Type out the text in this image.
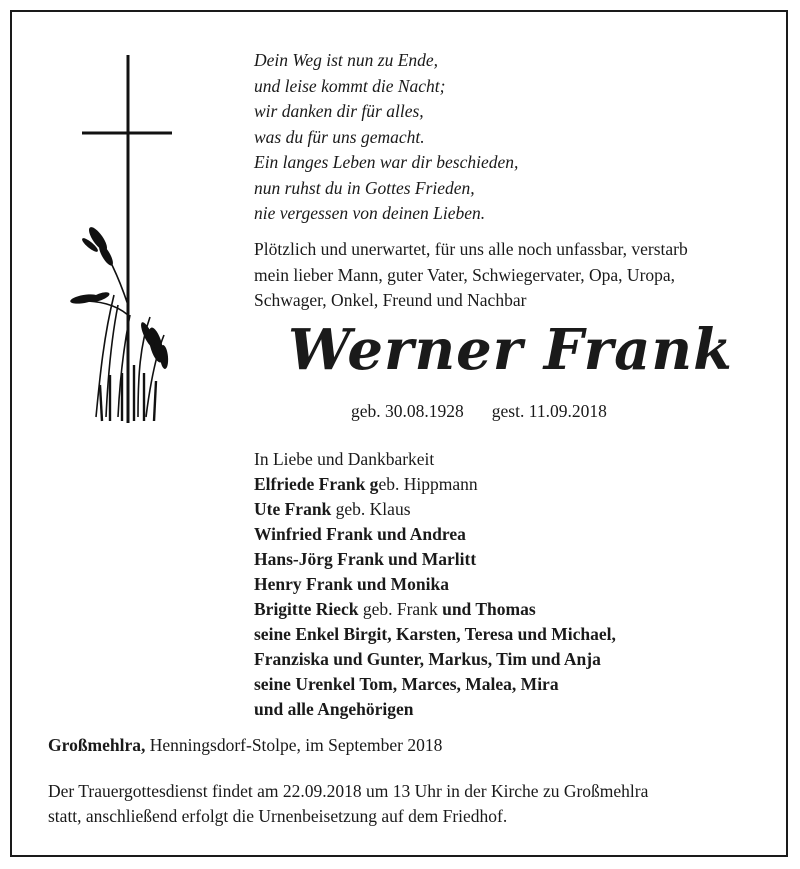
Dein Weg ist nun zu Ende,
und leise kommt die Nacht;
wir danken dir für alles,
was du für uns gemacht.
Ein langes Leben war dir beschieden,
nun ruhst du in Gottes Frieden,
nie vergessen von deinen Lieben.
Plötzlich und unerwartet, für uns alle noch unfassbar, verstarb
mein lieber Mann, guter Vater, Schwiegervater, Opa, Uropa,
Schwager, Onkel, Freund und Nachbar
Werner Frank
geb. 30.08.1928 gest. 11.09.2018
In Liebe und Dankbarkeit
Elfriede Frank geb. Hippmann
Ute Frank geb. Klaus
Winfried Frank und Andrea
Hans-Jörg Frank und Marlitt
Henry Frank und Monika
Brigitte Rieck geb. Frank und Thomas
seine Enkel Birgit, Karsten, Teresa und Michael,
Franziska und Gunter, Markus, Tim und Anja
seine Urenkel Tom, Marces, Malea, Mira
und alle Angehörigen
Großmehlra, Henningsdorf-Stolpe, im September 2018
Der Trauergottesdienst findet am 22.09.2018 um 13 Uhr in der Kirche zu Großmehlra
statt, anschließend erfolgt die Urnenbeisetzung auf dem Friedhof.
